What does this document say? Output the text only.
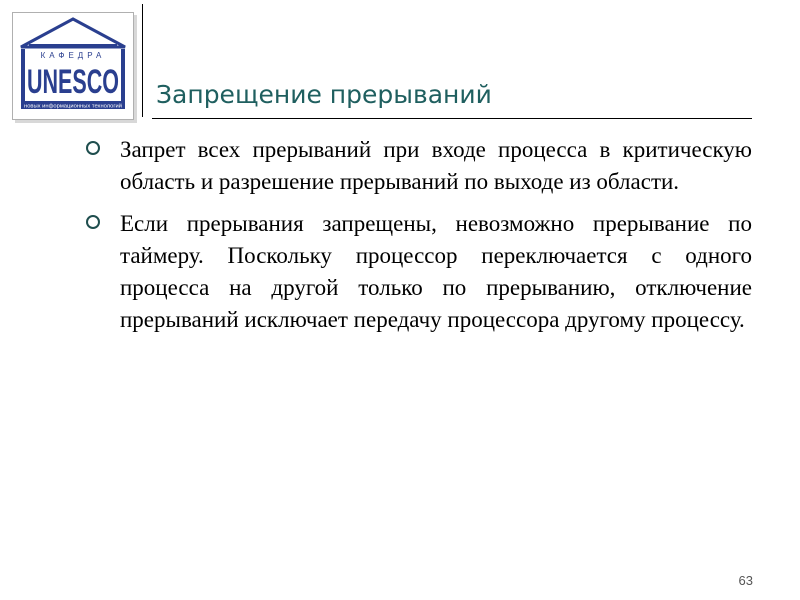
КАФЕДРА
UNESCO
новых информационных технологий	Запрещение прерываний
Запрет всех прерываний при входе процесса в критическую область и разрешение прерываний по выходе из области.
Если прерывания запрещены, невозможно прерывание по таймеру. Поскольку процессор переключается с одного процесса на другой только по прерыванию, отключение прерываний исключает передачу процессора другому процессу.
63
